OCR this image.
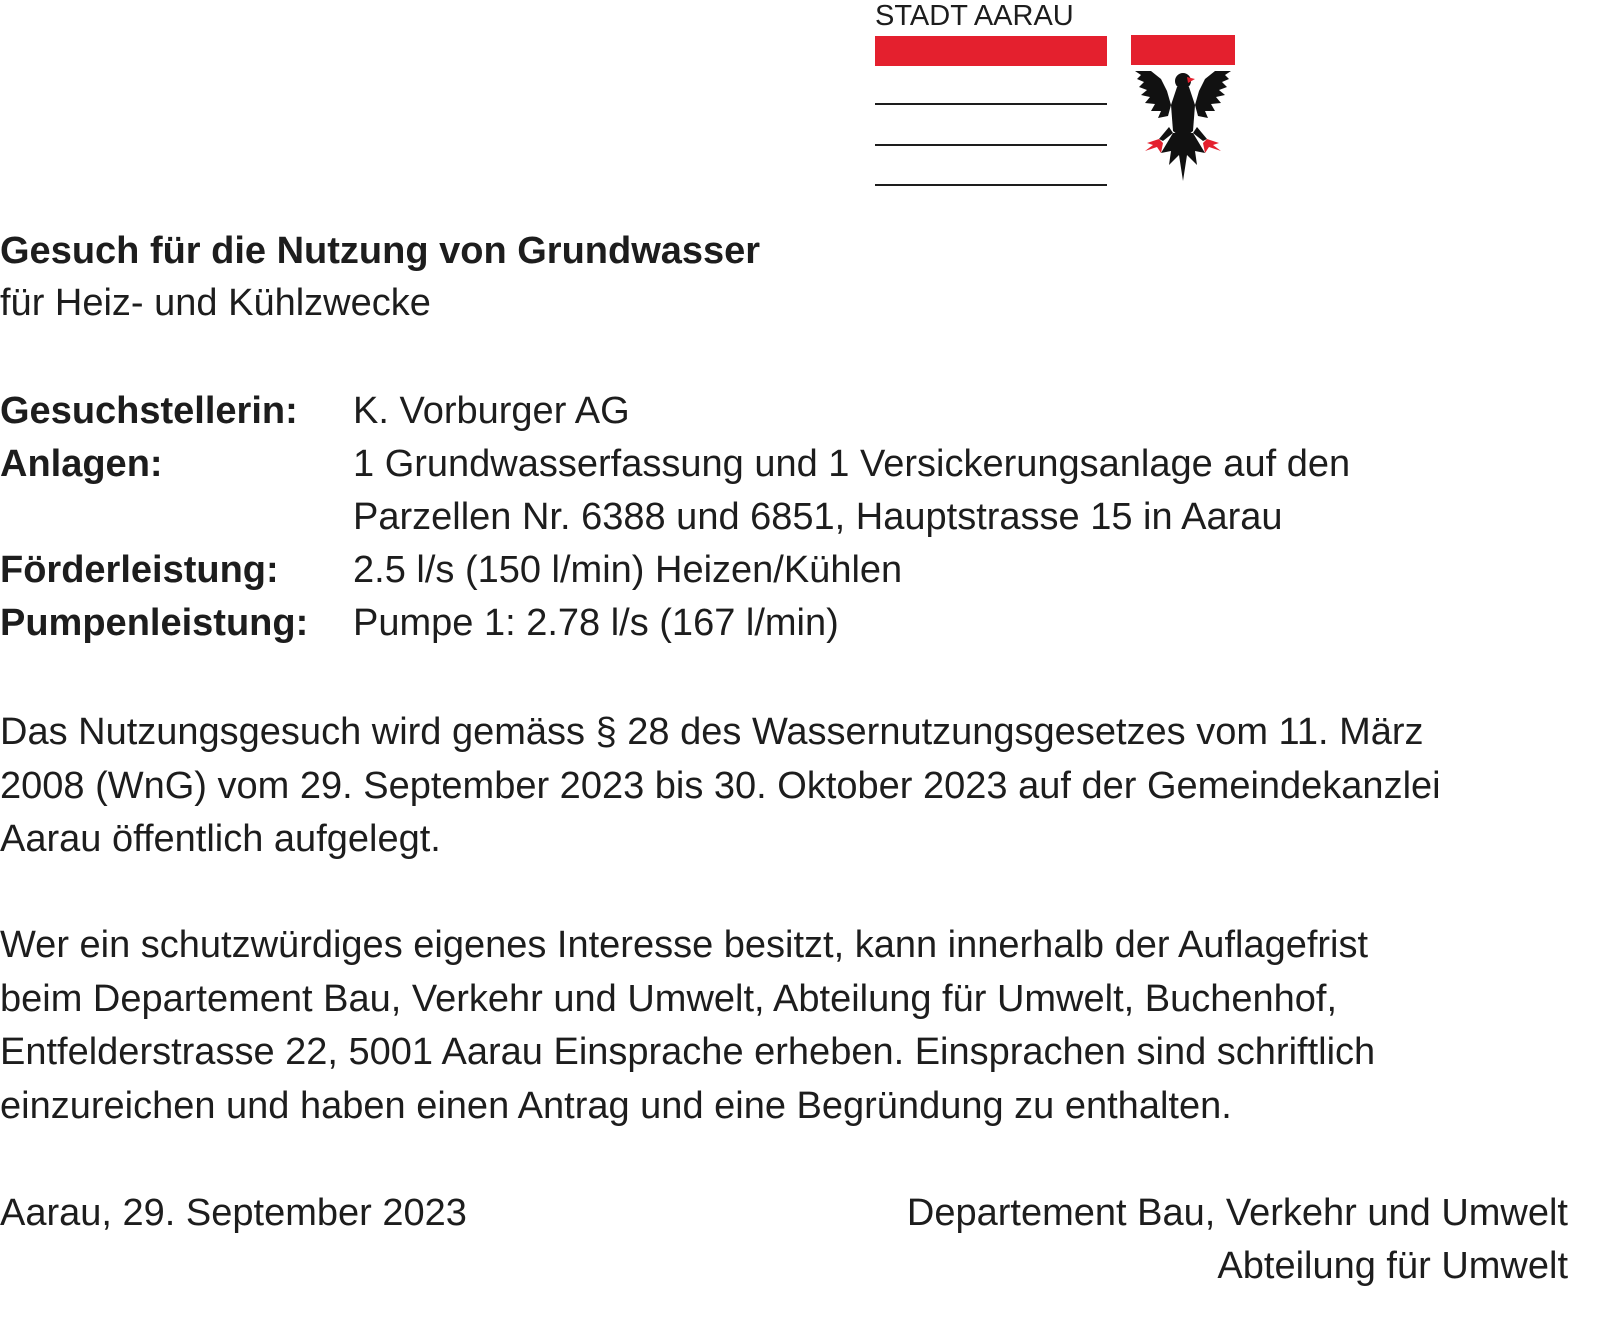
STADT AARAU
Gesuch für die Nutzung von Grundwasser
für Heiz- und Kühlzwecke
Gesuchstellerin: K. Vorburger AG
Anlagen:	1 Grundwasserfassung und 1 Versickerungsanlage auf den
Parzellen Nr. 6388 und 6851, Hauptstrasse 15 in Aarau
Förderleistung: 2.5 l/s (150 l/min) Heizen/Kühlen
Pumpenleistung: Pumpe 1: 2.78 l/s (167 l/min)
Das Nutzungsgesuch wird gemäss § 28 des Wassernutzungsgesetzes vom 11. März
2008 (WnG) vom 29. September 2023 bis 30. Oktober 2023 auf der Gemeindekanzlei
Aarau öffentlich aufgelegt.
Wer ein schutzwürdiges eigenes Interesse besitzt, kann innerhalb der Auflagefrist
beim Departement Bau, Verkehr und Umwelt, Abteilung für Umwelt, Buchenhof,
Entfelderstrasse 22, 5001 Aarau Einsprache erheben. Einsprachen sind schriftlich
einzureichen und haben einen Antrag und eine Begründung zu enthalten.
Aarau, 29. September 2023	Departement Bau, Verkehr und Umwelt
Abteilung für Umwelt
